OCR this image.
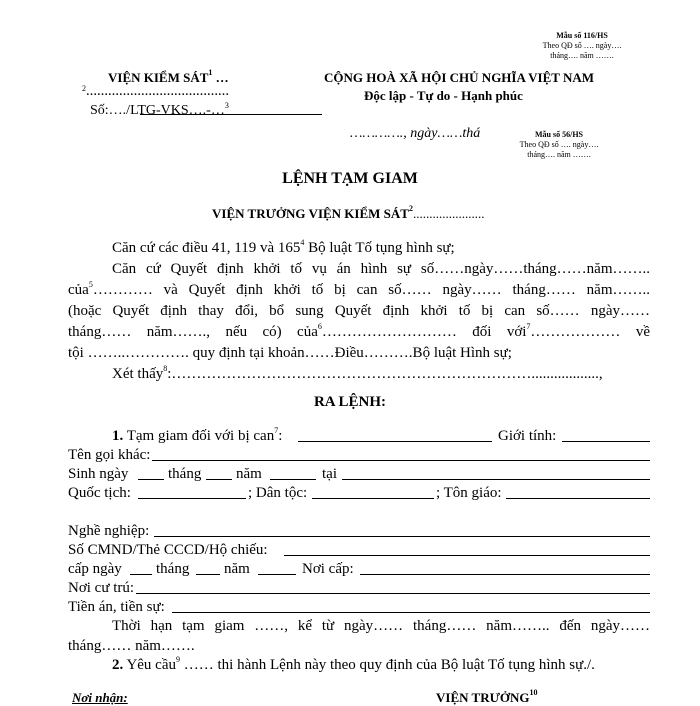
Mẫu số 116/HS
Theo QĐ số …. ngày….
tháng…. năm …….
VIỆN KIỂM SÁT$^1$ …
$^2$…………………………………
Số:…./LTG-VKS….-…$^3$
CỘNG HOÀ XÃ HỘI CHỦ NGHĨA VIỆT NAM
Độc lập - Tự do - Hạnh phúc
…………., ngày……thá	Mẫu số 56/HS
Theo QĐ số …. ngày….
tháng…. năm …….
LỆNH TẠM GIAM
VIỆN TRƯỞNG VIỆN KIỂM SÁT$^2$......................
Căn cứ các điều 41, 119 và $165^4$ Bộ luật Tố tụng hình sự;
Căn cứ Quyết định khởi tố vụ án hình sự số……ngày……tháng……năm……..
của$^5$………… và Quyết định khởi tố bị can số…… ngày…… tháng…… năm……..
(hoặc Quyết định thay đổi, bổ sung Quyết định khởi tố bị can số…… ngày……
tháng…… năm……., nếu có) của$^6$……………………… đối với$^7$……………… về
tội ……..…………. quy định tại khoản……Điều……….Bộ luật Hình sự;
Xét thấy$^8$:………………………………………………………………..................,
RA LỆNH:
1. Tạm giam đối với bị can$^7$:	Giới tính:
Tên gọi khác:
Sinh ngày	tháng năm	tại
Quốc tịch:	; Dân tộc:	; Tôn giáo:
Nghề nghiệp:
Số CMND/Thẻ CCCD/Hộ chiếu:
cấp ngày tháng năm	Nơi cấp:
Nơi cư trú:
Tiền án, tiền sự:
Thời hạn tạm giam ……, kể từ ngày…… tháng…… năm…….. đến ngày……
tháng…… năm…….
2. Yêu cầu$^9$ …… thi hành Lệnh này theo quy định của Bộ luật Tố tụng hình sự./.
Nơi nhận:	VIỆN TRƯỞNG$^{10}$
